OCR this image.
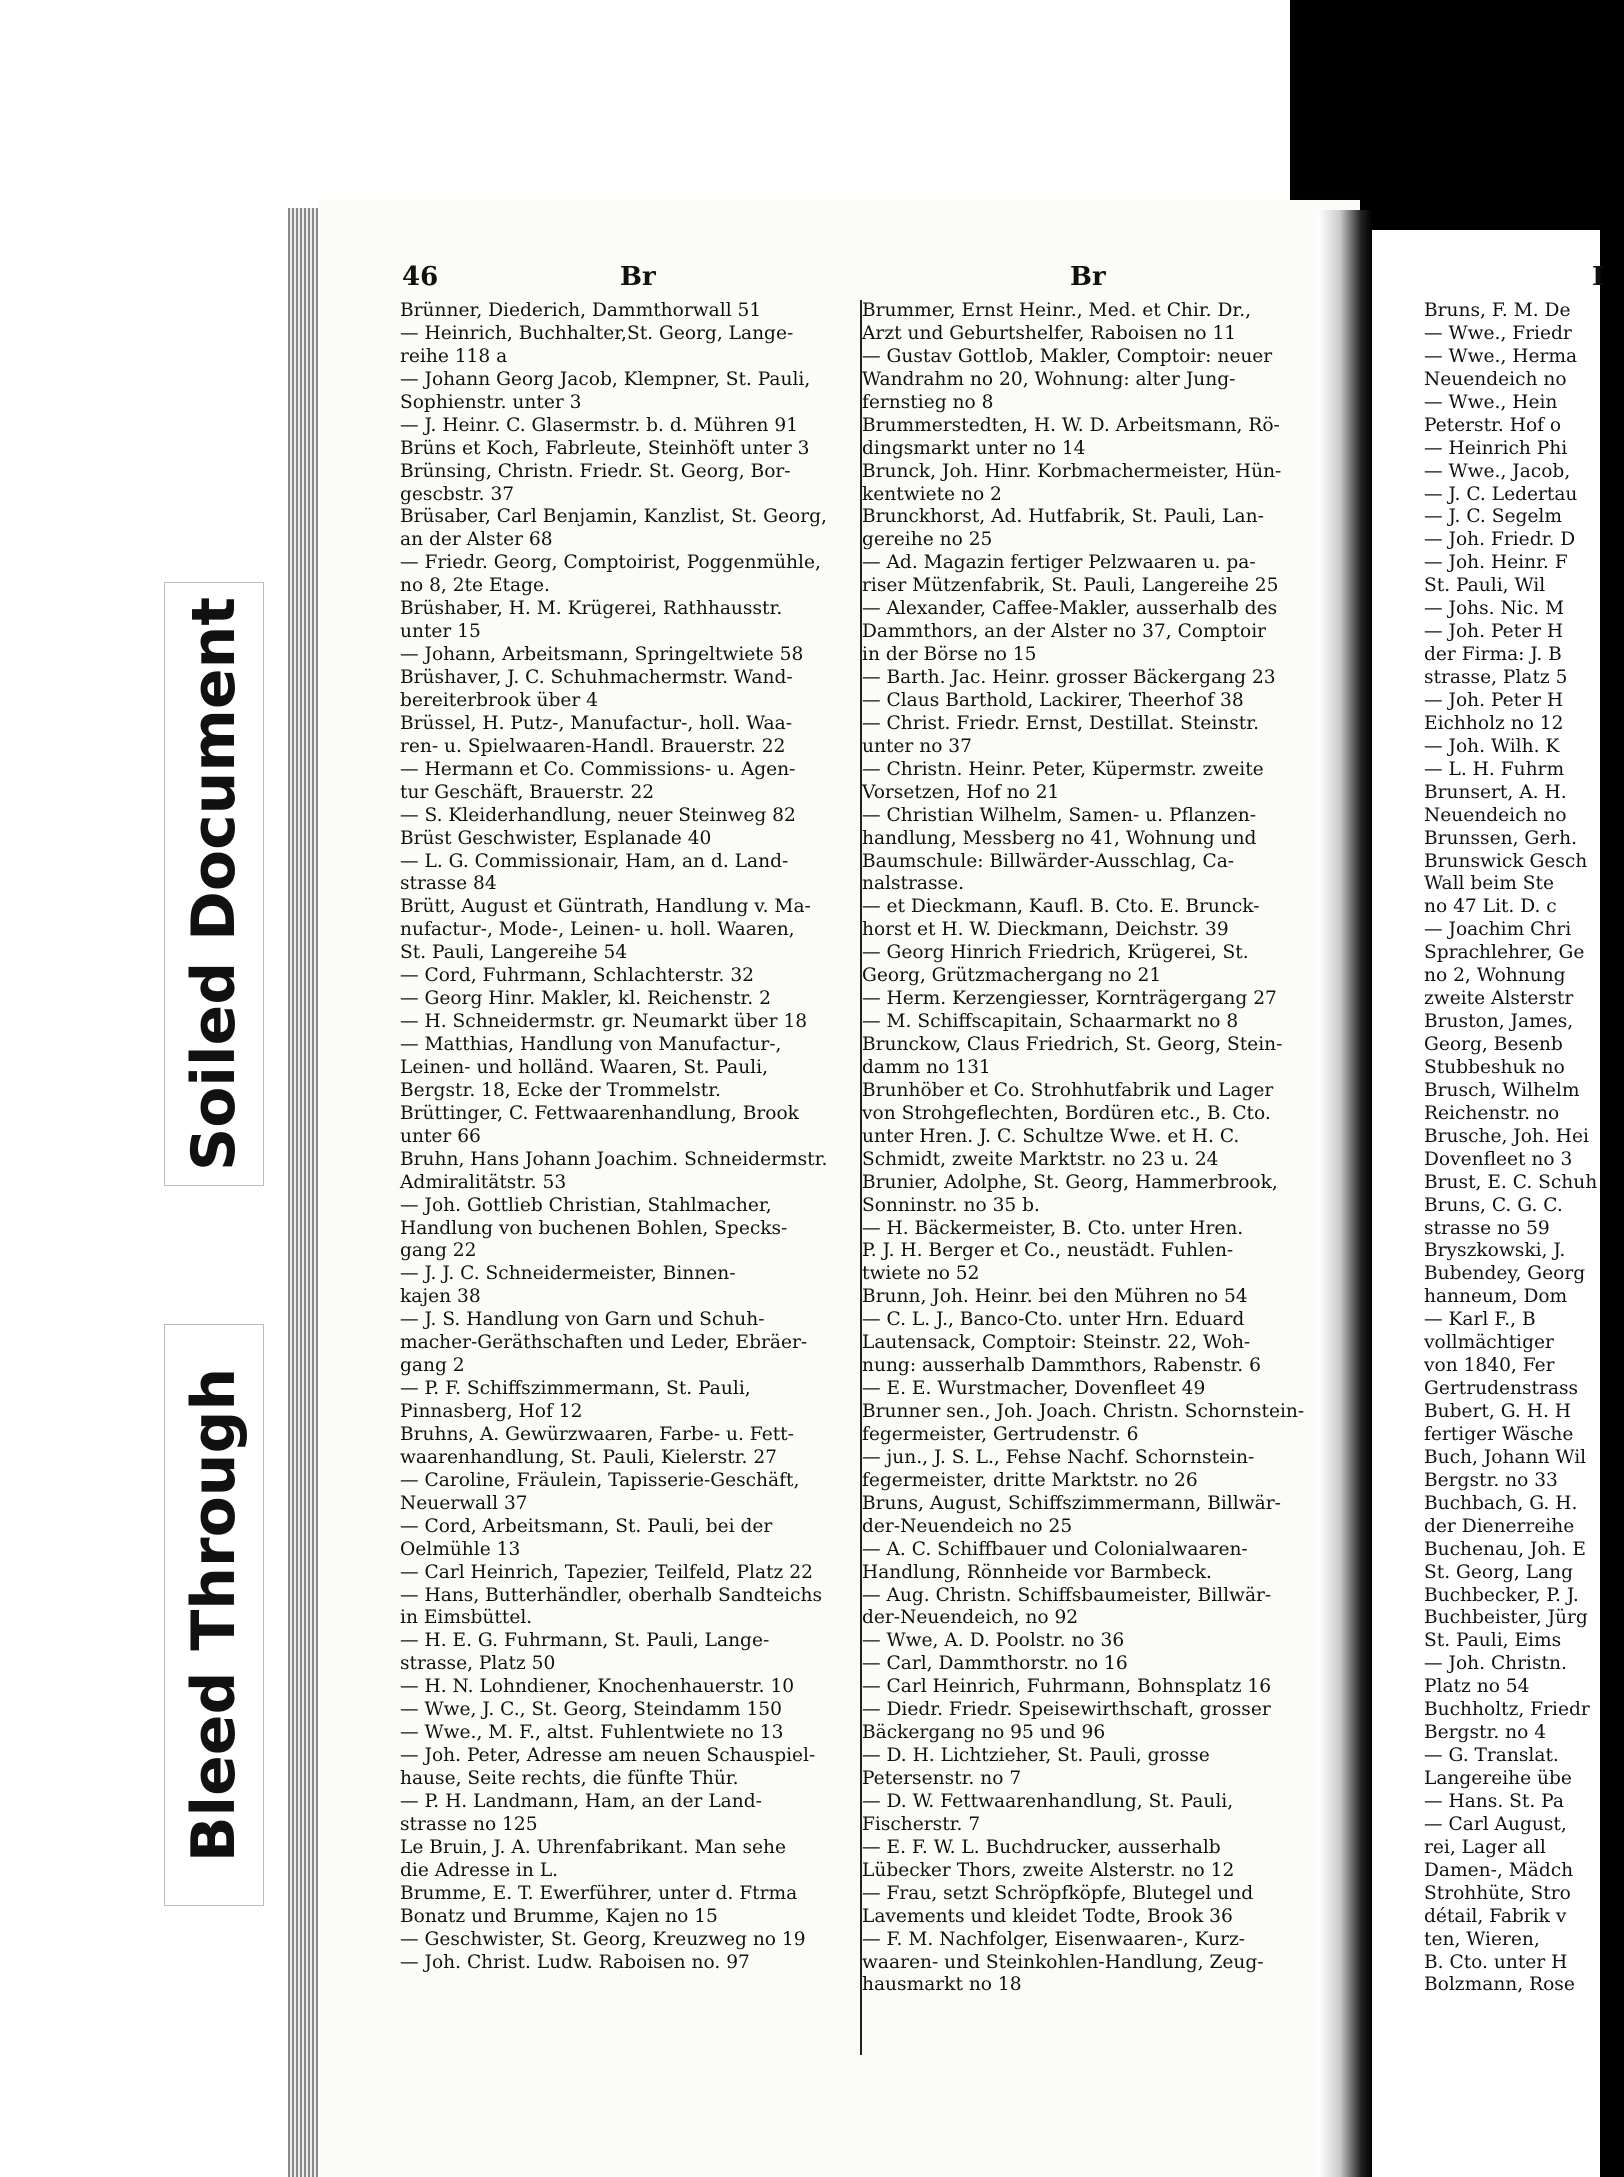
46	Br	Br	I
Brünner, Diederich, Dammthorwall 51
— Heinrich, Buchhalter,St. Georg, Lange-
reihe 118 a
— Johann Georg Jacob, Klempner, St. Pauli,
Sophienstr. unter 3
— J. Heinr. C. Glasermstr. b. d. Mühren 91
Brüns et Koch, Fabrleute, Steinhöft unter 3
Brünsing, Christn. Friedr. St. Georg, Bor-
gescbstr. 37
Brüsaber, Carl Benjamin, Kanzlist, St. Georg,
an der Alster 68
— Friedr. Georg, Comptoirist, Poggenmühle,
no 8, 2te Etage.
Brüshaber, H. M. Krügerei, Rathhausstr.
unter 15
— Johann, Arbeitsmann, Springeltwiete 58
Brüshaver, J. C. Schuhmachermstr. Wand-
bereiterbrook über 4
Brüssel, H. Putz-, Manufactur-, holl. Waa-
ren- u. Spielwaaren-Handl. Brauerstr. 22
— Hermann et Co. Commissions- u. Agen-
tur Geschäft, Brauerstr. 22
— S. Kleiderhandlung, neuer Steinweg 82
Brüst Geschwister, Esplanade 40
— L. G. Commissionair, Ham, an d. Land-
strasse 84
Brütt, August et Güntrath, Handlung v. Ma-
nufactur-, Mode-, Leinen- u. holl. Waaren,
St. Pauli, Langereihe 54
— Cord, Fuhrmann, Schlachterstr. 32
— Georg Hinr. Makler, kl. Reichenstr. 2
— H. Schneidermstr. gr. Neumarkt über 18
— Matthias, Handlung von Manufactur-,
Leinen- und holländ. Waaren, St. Pauli,
Bergstr. 18, Ecke der Trommelstr.
Brüttinger, C. Fettwaarenhandlung, Brook
unter 66
Bruhn, Hans Johann Joachim. Schneidermstr.
Admiralitätstr. 53
— Joh. Gottlieb Christian, Stahlmacher,
Handlung von buchenen Bohlen, Specks-
gang 22
— J. J. C. Schneidermeister, Binnen-
kajen 38
— J. S. Handlung von Garn und Schuh-
macher-Geräthschaften und Leder, Ebräer-
gang 2
— P. F. Schiffszimmermann, St. Pauli,
Pinnasberg, Hof 12
Bruhns, A. Gewürzwaaren, Farbe- u. Fett-
waarenhandlung, St. Pauli, Kielerstr. 27
— Caroline, Fräulein, Tapisserie-Geschäft,
Neuerwall 37
— Cord, Arbeitsmann, St. Pauli, bei der
Oelmühle 13
— Carl Heinrich, Tapezier, Teilfeld, Platz 22
— Hans, Butterhändler, oberhalb Sandteichs
in Eimsbüttel.
— H. E. G. Fuhrmann, St. Pauli, Lange-
strasse, Platz 50
— H. N. Lohndiener, Knochenhauerstr. 10
— Wwe, J. C., St. Georg, Steindamm 150
— Wwe., M. F., altst. Fuhlentwiete no 13
— Joh. Peter, Adresse am neuen Schauspiel-
hause, Seite rechts, die fünfte Thür.
— P. H. Landmann, Ham, an der Land-
strasse no 125
Le Bruin, J. A. Uhrenfabrikant. Man sehe
die Adresse in L.
Brumme, E. T. Ewerführer, unter d. Ftrma
Bonatz und Brumme, Kajen no 15
— Geschwister, St. Georg, Kreuzweg no 19
— Joh. Christ. Ludw. Raboisen no. 97
Brummer, Ernst Heinr., Med. et Chir. Dr.,
Arzt und Geburtshelfer, Raboisen no 11
— Gustav Gottlob, Makler, Comptoir: neuer
Wandrahm no 20, Wohnung: alter Jung-
fernstieg no 8
Brummerstedten, H. W. D. Arbeitsmann, Rö-
dingsmarkt unter no 14
Brunck, Joh. Hinr. Korbmachermeister, Hün-
kentwiete no 2
Brunckhorst, Ad. Hutfabrik, St. Pauli, Lan-
gereihe no 25
— Ad. Magazin fertiger Pelzwaaren u. pa-
riser Mützenfabrik, St. Pauli, Langereihe 25
— Alexander, Caffee-Makler, ausserhalb des
Dammthors, an der Alster no 37, Comptoir
in der Börse no 15
— Barth. Jac. Heinr. grosser Bäckergang 23
— Claus Barthold, Lackirer, Theerhof 38
— Christ. Friedr. Ernst, Destillat. Steinstr.
unter no 37
— Christn. Heinr. Peter, Küpermstr. zweite
Vorsetzen, Hof no 21
— Christian Wilhelm, Samen- u. Pflanzen-
handlung, Messberg no 41, Wohnung und
Baumschule: Billwärder-Ausschlag, Ca-
nalstrasse.
— et Dieckmann, Kaufl. B. Cto. E. Brunck-
horst et H. W. Dieckmann, Deichstr. 39
— Georg Hinrich Friedrich, Krügerei, St.
Georg, Grützmachergang no 21
— Herm. Kerzengiesser, Kornträgergang 27
— M. Schiffscapitain, Schaarmarkt no 8
Brunckow, Claus Friedrich, St. Georg, Stein-
damm no 131
Brunhöber et Co. Strohhutfabrik und Lager
von Strohgeflechten, Bordüren etc., B. Cto.
unter Hren. J. C. Schultze Wwe. et H. C.
Schmidt, zweite Marktstr. no 23 u. 24
Brunier, Adolphe, St. Georg, Hammerbrook,
Sonninstr. no 35 b.
— H. Bäckermeister, B. Cto. unter Hren.
P. J. H. Berger et Co., neustädt. Fuhlen-
twiete no 52
Brunn, Joh. Heinr. bei den Mühren no 54
— C. L. J., Banco-Cto. unter Hrn. Eduard
Lautensack, Comptoir: Steinstr. 22, Woh-
nung: ausserhalb Dammthors, Rabenstr. 6
— E. E. Wurstmacher, Dovenfleet 49
Brunner sen., Joh. Joach. Christn. Schornstein-
fegermeister, Gertrudenstr. 6
— jun., J. S. L., Fehse Nachf. Schornstein-
fegermeister, dritte Marktstr. no 26
Bruns, August, Schiffszimmermann, Billwär-
der-Neuendeich no 25
— A. C. Schiffbauer und Colonialwaaren-
Handlung, Rönnheide vor Barmbeck.
— Aug. Christn. Schiffsbaumeister, Billwär-
der-Neuendeich, no 92
— Wwe, A. D. Poolstr. no 36
— Carl, Dammthorstr. no 16
— Carl Heinrich, Fuhrmann, Bohnsplatz 16
— Diedr. Friedr. Speisewirthschaft, grosser
Bäckergang no 95 und 96
— D. H. Lichtzieher, St. Pauli, grosse
Petersenstr. no 7
— D. W. Fettwaarenhandlung, St. Pauli,
Fischerstr. 7
— E. F. W. L. Buchdrucker, ausserhalb
Lübecker Thors, zweite Alsterstr. no 12
— Frau, setzt Schröpfköpfe, Blutegel und
Lavements und kleidet Todte, Brook 36
— F. M. Nachfolger, Eisenwaaren-, Kurz-
waaren- und Steinkohlen-Handlung, Zeug-
hausmarkt no 18
Bruns, F. M. De
— Wwe., Friedr
— Wwe., Herma
Neuendeich no
— Wwe., Hein
Peterstr. Hof o
— Heinrich Phi
— Wwe., Jacob,
— J. C. Ledertau
— J. C. Segelm
— Joh. Friedr. D
— Joh. Heinr. F
St. Pauli, Wil
— Johs. Nic. M
— Joh. Peter H
der Firma: J. B
strasse, Platz 5
— Joh. Peter H
Eichholz no 12
— Joh. Wilh. K
— L. H. Fuhrm
Brunsert, A. H.
Neuendeich no
Brunssen, Gerh.
Brunswick Gesch
Wall beim Ste
no 47 Lit. D. c
— Joachim Chri
Sprachlehrer, Ge
no 2, Wohnung
zweite Alsterstr
Bruston, James,
Georg, Besenb
Stubbeshuk no
Brusch, Wilhelm
Reichenstr. no
Brusche, Joh. Hei
Dovenfleet no 3
Brust, E. C. Schuh
Bruns, C. G. C.
strasse no 59
Bryszkowski, J.
Bubendey, Georg
hanneum, Dom
— Karl F., B
vollmächtiger
von 1840, Fer
Gertrudenstrass
Bubert, G. H. H
fertiger Wäsche
Buch, Johann Wil
Bergstr. no 33
Buchbach, G. H.
der Dienerreihe
Buchenau, Joh. E
St. Georg, Lang
Buchbecker, P. J.
Buchbeister, Jürg
St. Pauli, Eims
— Joh. Christn.
Platz no 54
Buchholtz, Friedr
Bergstr. no 4
— G. Translat.
Langereihe übe
— Hans. St. Pa
— Carl August,
rei, Lager all
Damen-, Mädch
Strohhüte, Stro
détail, Fabrik v
ten, Wieren,
B. Cto. unter H
Bolzmann, Rose
Soiled Document
Bleed Through
